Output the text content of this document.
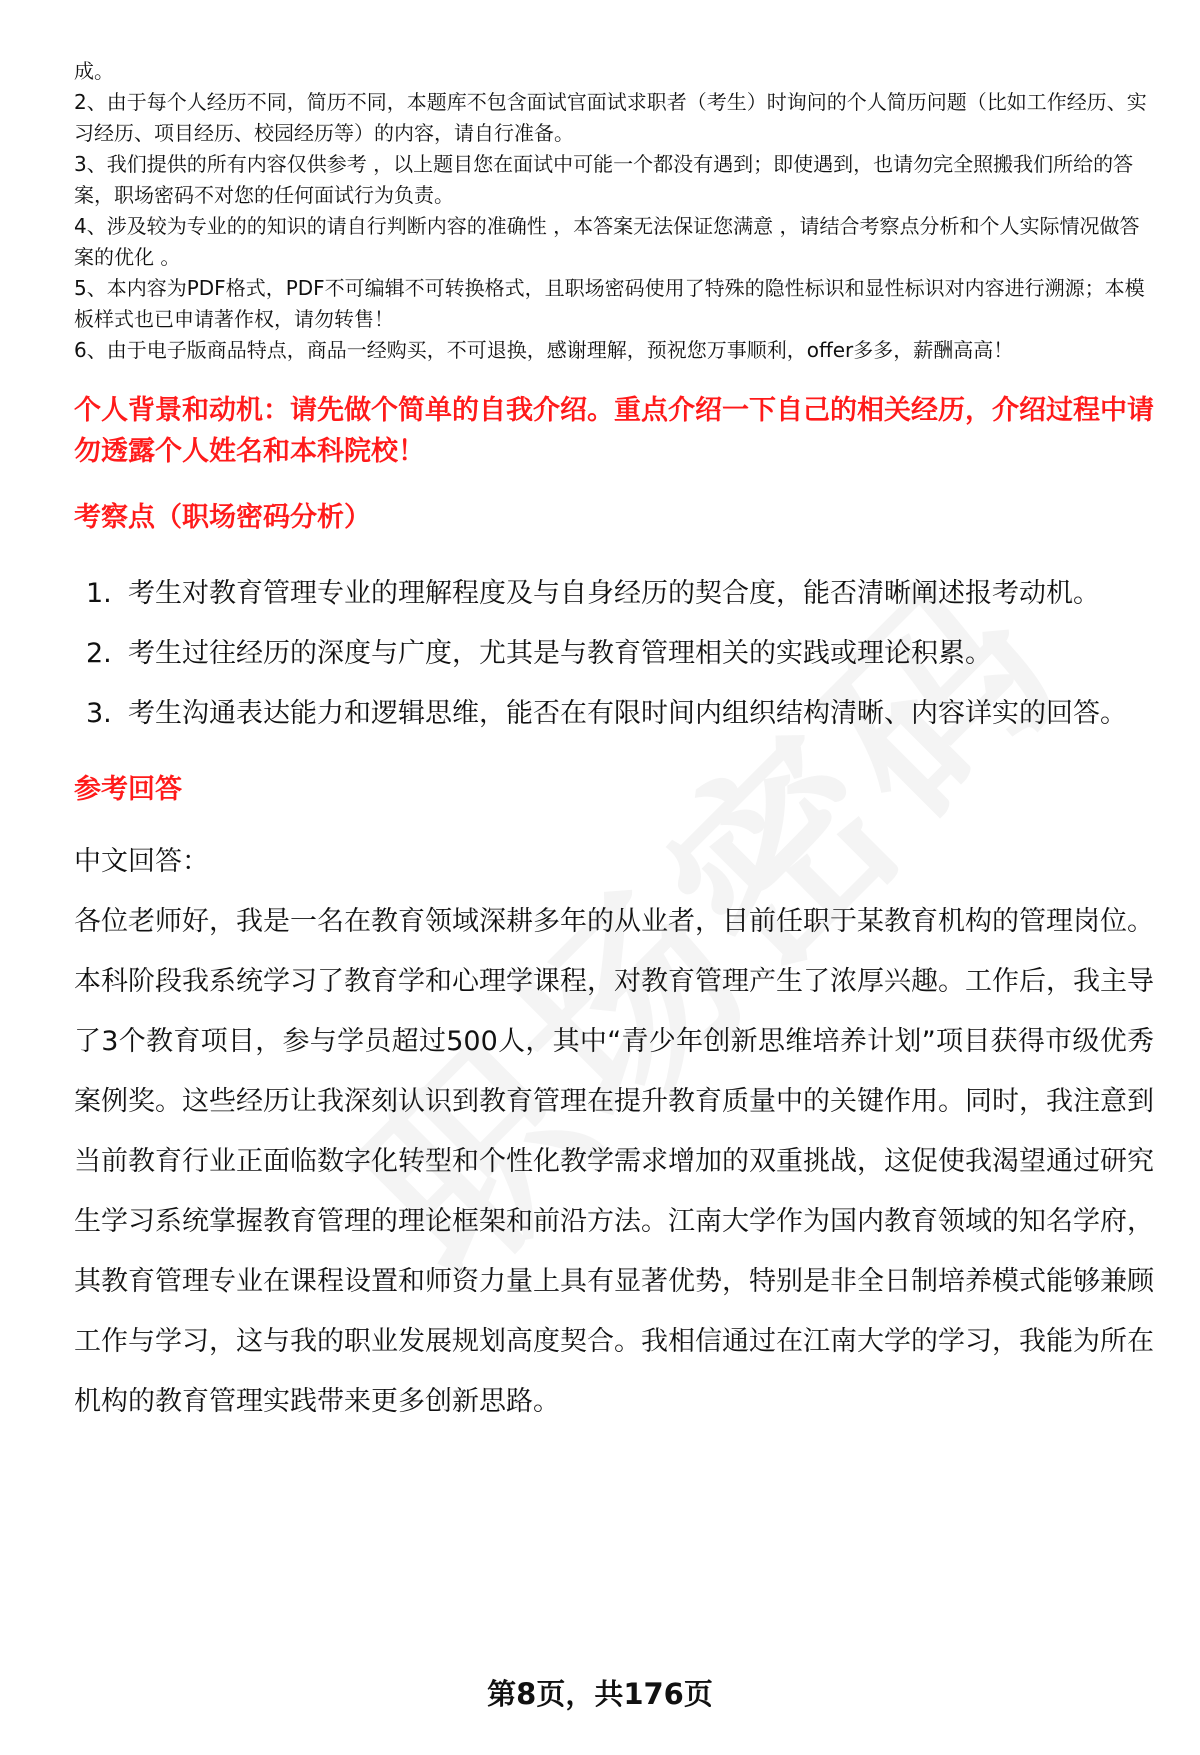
成。

2、由于每个人经历不同，简历不同，本题库不包含面试官面试求职者（考生）时询问的个人简历问题（比如工作经历、实习经历、项目经历、校园经历等）的内容，请自行准备。

3、我们提供的所有内容仅供参考 ，以上题目您在面试中可能一个都没有遇到；即使遇到，也请勿完全照搬我们所给的答案，职场密码不对您的任何面试行为负责。

4、涉及较为专业的的知识的请自行判断内容的准确性 ，本答案无法保证您满意 ，请结合考察点分析和个人实际情况做答案的优化 。

5、本内容为PDF格式，PDF不可编辑不可转换格式，且职场密码使用了特殊的隐性标识和显性标识对内容进行溯源；本模板样式也已申请著作权，请勿转售！

6、由于电子版商品特点，商品一经购买，不可退换，感谢理解，预祝您万事顺利，offer多多，薪酬高高！

个人背景和动机：请先做个简单的自我介绍。重点介绍一下自己的相关经历，介绍过程中请勿透露个人姓名和本科院校！
考察点（职场密码分析）
1. 考生对教育管理专业的理解程度及与自身经历的契合度，能否清晰阐述报考动机。
2. 考生过往经历的深度与广度，尤其是与教育管理相关的实践或理论积累。
3. 考生沟通表达能力和逻辑思维，能否在有限时间内组织结构清晰、内容详实的回答。
参考回答
中文回答：
各位老师好，我是一名在教育领域深耕多年的从业者，目前任职于某教育机构的管理岗位。本科阶段我系统学习了教育学和心理学课程，对教育管理产生了浓厚兴趣。工作后，我主导了3个教育项目，参与学员超过500人，其中“青少年创新思维培养计划”项目获得市级优秀案例奖。这些经历让我深刻认识到教育管理在提升教育质量中的关键作用。同时，我注意到当前教育行业正面临数字化转型和个性化教学需求增加的双重挑战，这促使我渴望通过研究生学习系统掌握教育管理的理论框架和前沿方法。江南大学作为国内教育领域的知名学府，其教育管理专业在课程设置和师资力量上具有显著优势，特别是非全日制培养模式能够兼顾工作与学习，这与我的职业发展规划高度契合。我相信通过在江南大学的学习，我能为所在机构的教育管理实践带来更多创新思路。
第8页，共176页
